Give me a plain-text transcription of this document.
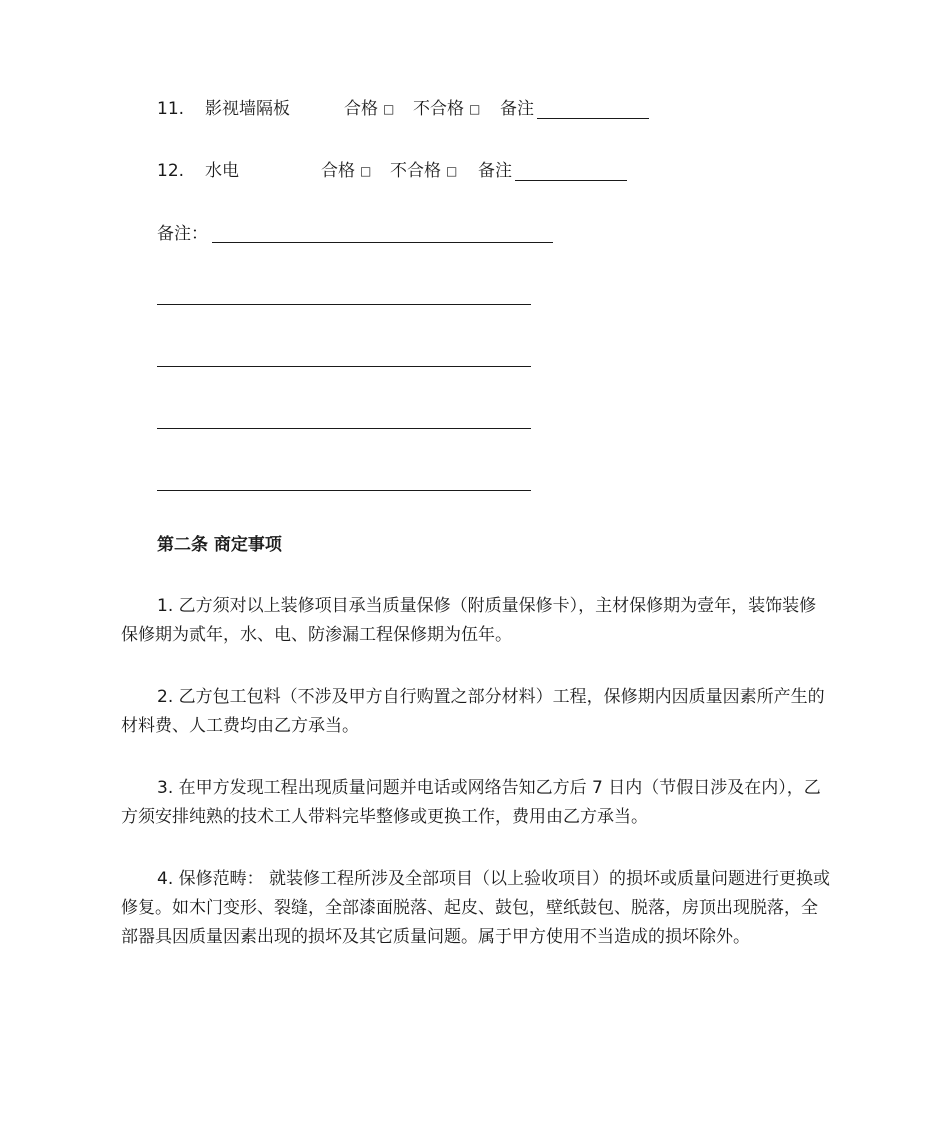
11. 影视墙隔板	合格 □ 不合格 □ 备注
12. 水电	合格 □ 不合格 □ 备注
备注：
第二条 商定事项
1. 乙方须对以上装修项目承当质量保修（附质量保修卡），主材保修期为壹年，装饰装修保修期为贰年，水、电、防渗漏工程保修期为伍年。
2. 乙方包工包料（不涉及甲方自行购置之部分材料）工程，保修期内因质量因素所产生的材料费、人工费均由乙方承当。
3. 在甲方发现工程出现质量问题并电话或网络告知乙方后 7 日内（节假日涉及在内），乙方须安排纯熟的技术工人带料完毕整修或更换工作，费用由乙方承当。
4. 保修范畴： 就装修工程所涉及全部项目（以上验收项目）的损坏或质量问题进行更换或修复。如木门变形、裂缝，全部漆面脱落、起皮、鼓包，壁纸鼓包、脱落，房顶出现脱落，全部器具因质量因素出现的损坏及其它质量问题。属于甲方使用不当造成的损坏除外。
